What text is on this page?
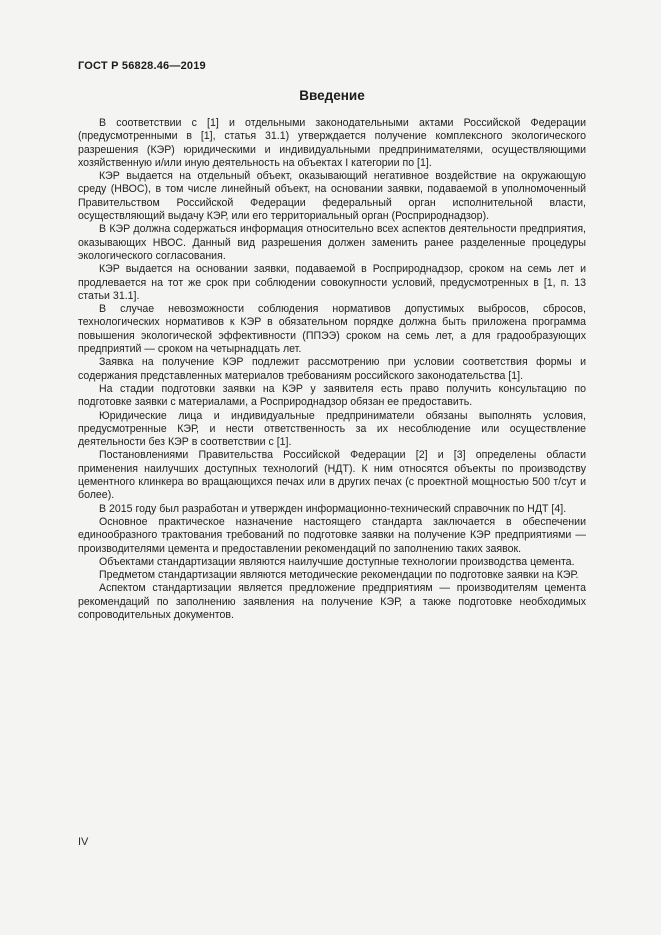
ГОСТ Р 56828.46—2019
Введение

В соответствии с [1] и отдельными законодательными актами Российской Федерации (предусмотренными в [1], статья 31.1) утверждается получение комплексного экологического разрешения (КЭР) юридическими и индивидуальными предпринимателями, осуществляющими хозяйственную и/или иную деятельность на объектах I категории по [1].

КЭР выдается на отдельный объект, оказывающий негативное воздействие на окружающую среду (НВОС), в том числе линейный объект, на основании заявки, подаваемой в уполномоченный Правительством Российской Федерации федеральный орган исполнительной власти, осуществляющий выдачу КЭР, или его территориальный орган (Росприроднадзор).

В КЭР должна содержаться информация относительно всех аспектов деятельности предприятия, оказывающих НВОС. Данный вид разрешения должен заменить ранее разделенные процедуры экологического согласования.

КЭР выдается на основании заявки, подаваемой в Росприроднадзор, сроком на семь лет и продлевается на тот же срок при соблюдении совокупности условий, предусмотренных в [1, п. 13 статьи 31.1].

В случае невозможности соблюдения нормативов допустимых выбросов, сбросов, технологических нормативов к КЭР в обязательном порядке должна быть приложена программа повышения экологической эффективности (ППЭЭ) сроком на семь лет, а для градообразующих предприятий — сроком на четырнадцать лет.

Заявка на получение КЭР подлежит рассмотрению при условии соответствия формы и содержания представленных материалов требованиям российского законодательства [1].

На стадии подготовки заявки на КЭР у заявителя есть право получить консультацию по подготовке заявки с материалами, а Росприроднадзор обязан ее предоставить.

Юридические лица и индивидуальные предприниматели обязаны выполнять условия, предусмотренные КЭР, и нести ответственность за их несоблюдение или осуществление деятельности без КЭР в соответствии с [1].

Постановлениями Правительства Российской Федерации [2] и [3] определены области применения наилучших доступных технологий (НДТ). К ним относятся объекты по производству цементного клинкера во вращающихся печах или в других печах (с проектной мощностью 500 т/сут и более).

В 2015 году был разработан и утвержден информационно-технический справочник по НДТ [4].

Основное практическое назначение настоящего стандарта заключается в обеспечении единообразного трактования требований по подготовке заявки на получение КЭР предприятиями — производителями цемента и предоставлении рекомендаций по заполнению таких заявок.

Объектами стандартизации являются наилучшие доступные технологии производства цемента.

Предметом стандартизации являются методические рекомендации по подготовке заявки на КЭР.

Аспектом стандартизации является предложение предприятиям — производителям цемента рекомендаций по заполнению заявления на получение КЭР, а также подготовке необходимых сопроводительных документов.

IV
